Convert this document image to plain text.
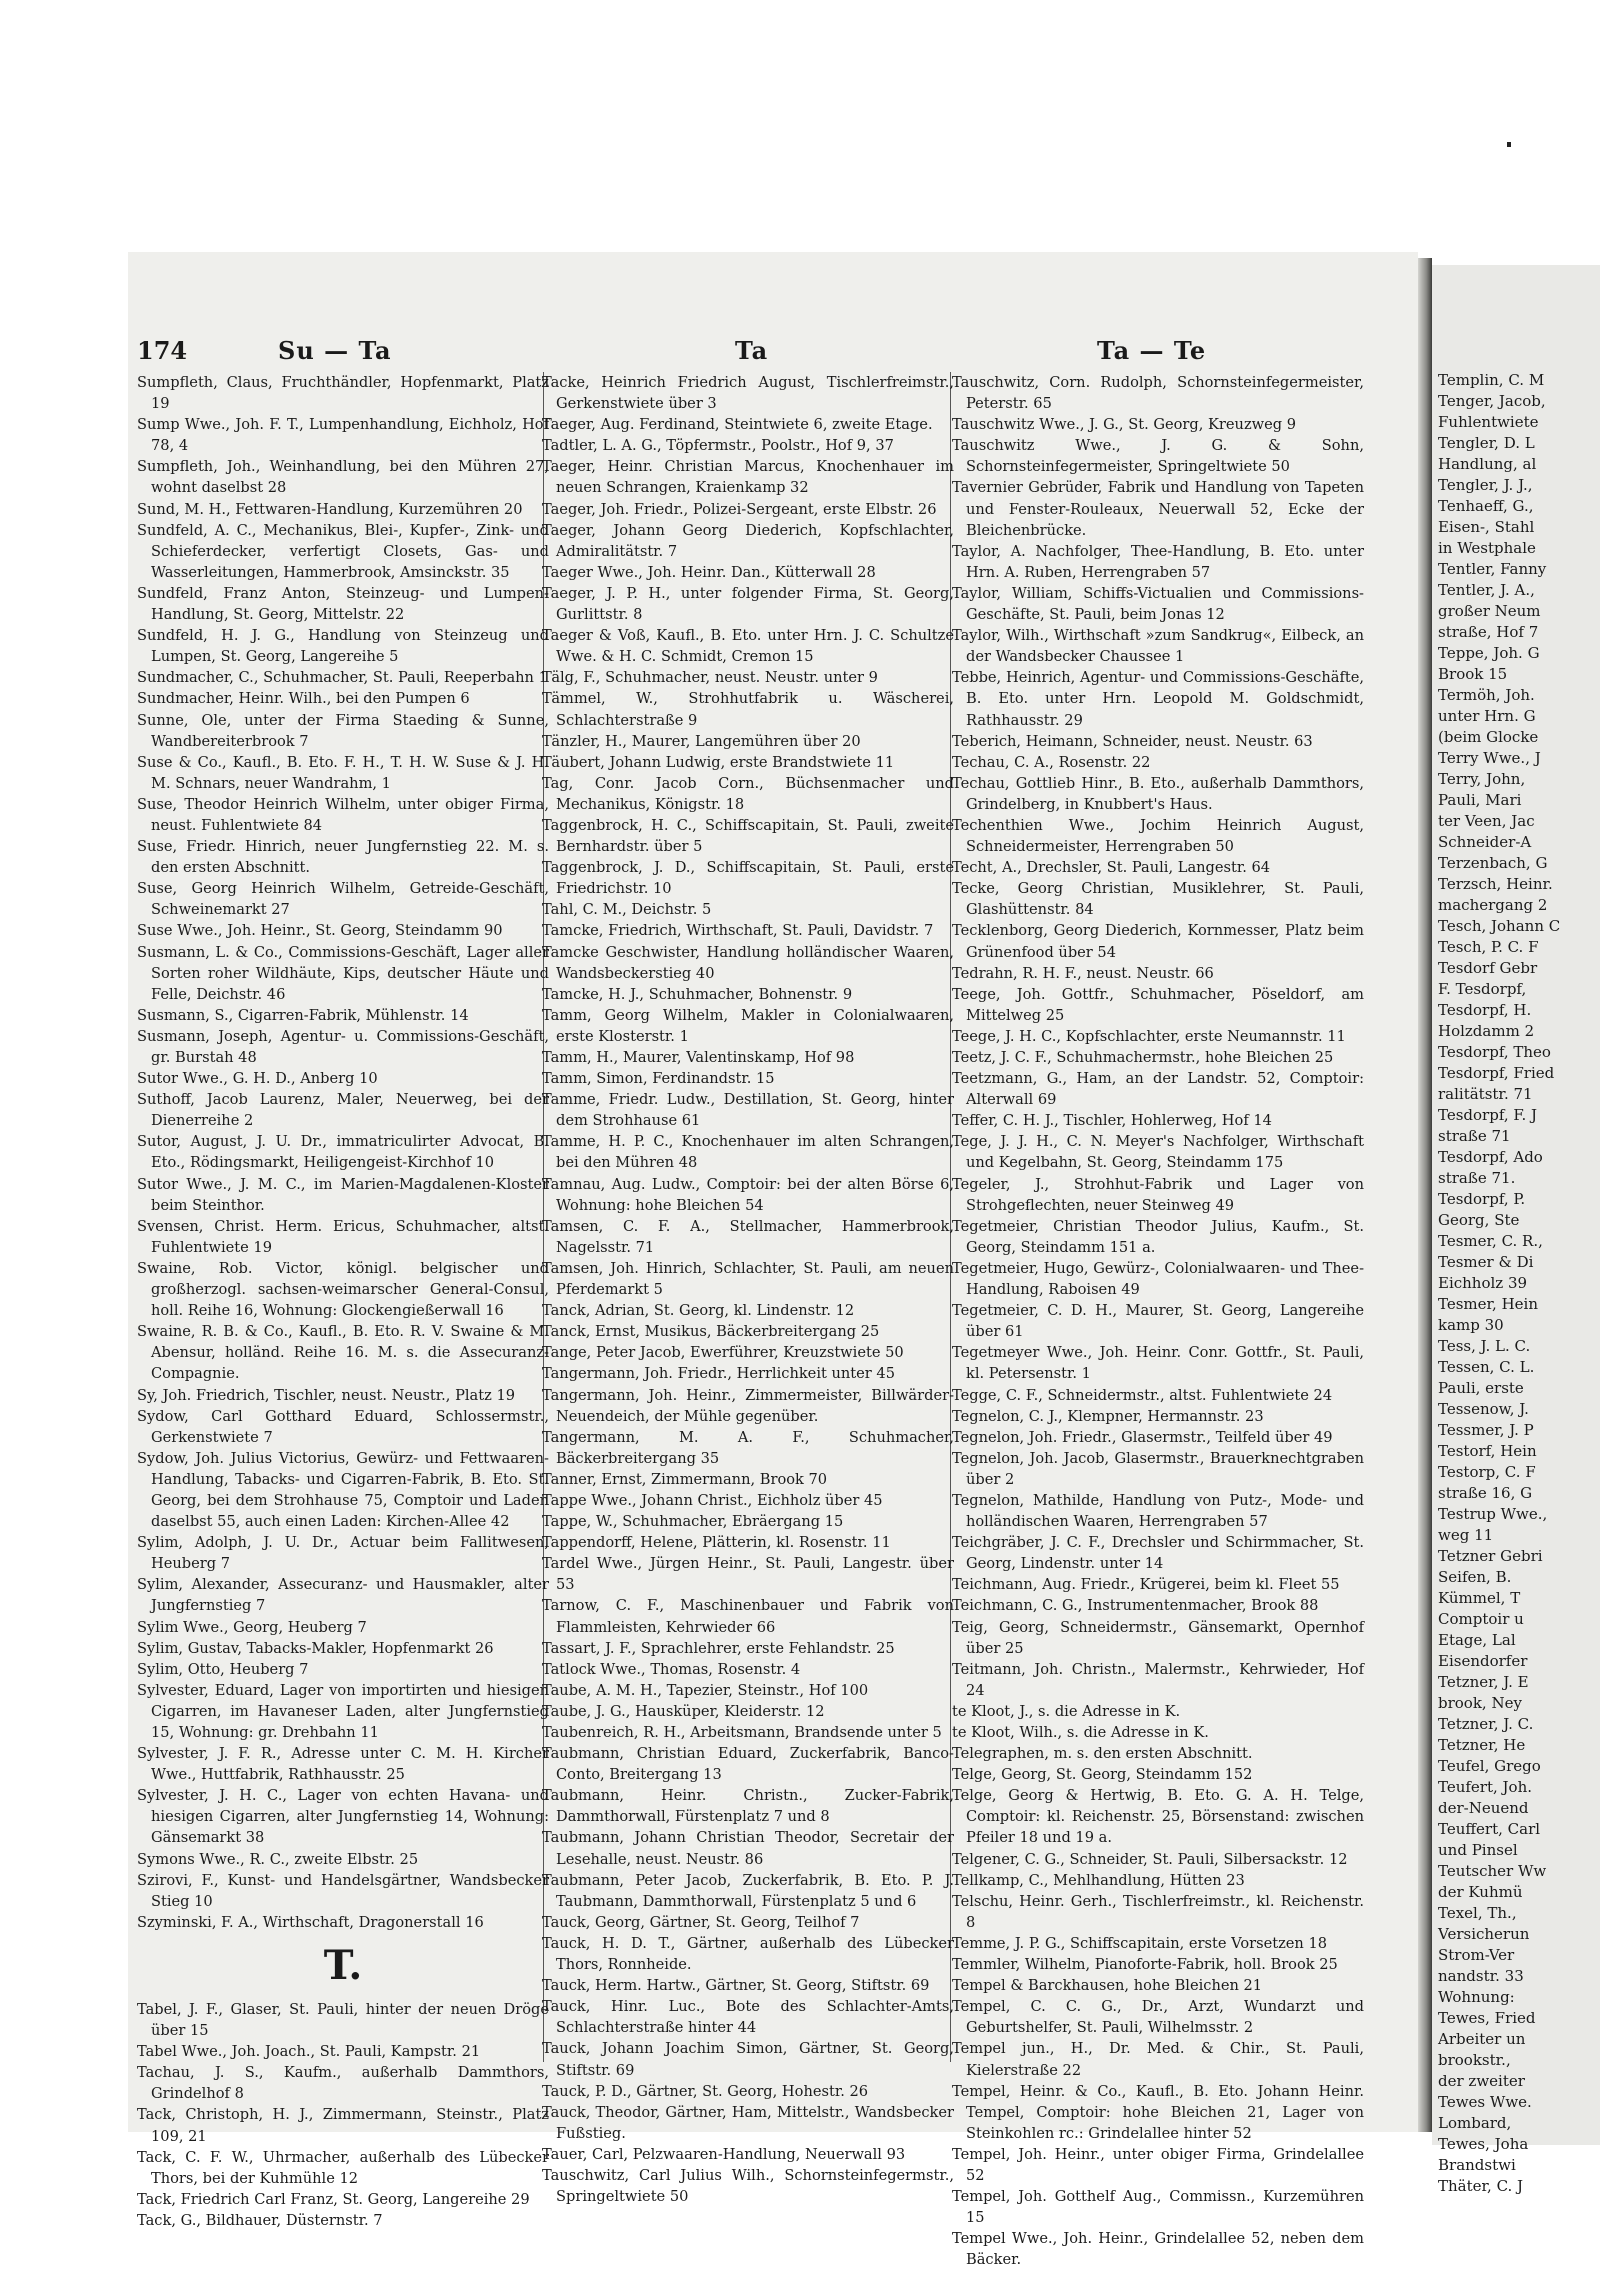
Templin, C. M
Tenger, Jacob,
Fuhlentwiete
Tengler, D. L
Handlung, al
Tengler, J. J.,
Tenhaeff, G.,
Eisen-, Stahl
in Westphale
Tentler, Fanny
Tentler, J. A.,
großer Neum
straße, Hof 7
Teppe, Joh. G
Brook 15
Termöh, Joh.
unter Hrn. G
(beim Glocke
Terry Wwe., J
Terry, John,
Pauli, Mari
ter Veen, Jac
Schneider-A
Terzenbach, G
Terzsch, Heinr.
machergang 2
Tesch, Johann C
Tesch, P. C. F
Tesdorf Gebr
F. Tesdorpf,
Tesdorpf, H.
Holzdamm 2
Tesdorpf, Theo
Tesdorpf, Fried
ralitätstr. 71
Tesdorpf, F. J
straße 71
Tesdorpf, Ado
straße 71.
Tesdorpf, P.
Georg, Ste
Tesmer, C. R.,
Tesmer & Di
Eichholz 39
Tesmer, Hein
kamp 30
Tess, J. L. C.
Tessen, C. L.
Pauli, erste
Tessenow, J.
Tessmer, J. P
Testorf, Hein
Testorp, C. F
straße 16, G
Testrup Wwe.,
weg 11
Tetzner Gebri
Seifen, B.
Kümmel, T
Comptoir u
Etage, Lal
Eisendorfer
Tetzner, J. E
brook, Ney
Tetzner, J. C.
Tetzner, He
Teufel, Grego
Teufert, Joh.
der-Neuend
Teuffert, Carl
und Pinsel
Teutscher Ww
der Kuhmü
Texel, Th.,
Versicherun
Strom-Ver
nandstr. 33
Wohnung:
Tewes, Fried
Arbeiter un
brookstr.,
der zweiter
Tewes Wwe.
Lombard,
Tewes, Joha
Brandstwi
Thäter, C. J
174	Su — Ta	Ta	Ta — Te
Sumpfleth, Claus, Fruchthändler, Hopfenmarkt, Platz 19
Sump Wwe., Joh. F. T., Lumpenhandlung, Eichholz, Hof 78, 4
Sumpfleth, Joh., Weinhandlung, bei den Mühren 27, wohnt daselbst 28
Sund, M. H., Fettwaren-Handlung, Kurzemühren 20
Sundfeld, A. C., Mechanikus, Blei-, Kupfer-, Zink- und Schieferdecker, verfertigt Closets, Gas- und Wasserleitungen, Hammerbrook, Amsinckstr. 35
Sundfeld, Franz Anton, Steinzeug- und Lumpen-Handlung, St. Georg, Mittelstr. 22
Sundfeld, H. J. G., Handlung von Steinzeug und Lumpen, St. Georg, Langereihe 5
Sundmacher, C., Schuhmacher, St. Pauli, Reeperbahn 1
Sundmacher, Heinr. Wilh., bei den Pumpen 6
Sunne, Ole, unter der Firma Staeding & Sunne, Wandbereiterbrook 7
Suse & Co., Kaufl., B. Eto. F. H., T. H. W. Suse & J. H. M. Schnars, neuer Wandrahm, 1
Suse, Theodor Heinrich Wilhelm, unter obiger Firma, neust. Fuhlentwiete 84
Suse, Friedr. Hinrich, neuer Jungfernstieg 22. M. s. den ersten Abschnitt.
Suse, Georg Heinrich Wilhelm, Getreide-Geschäft, Schweinemarkt 27
Suse Wwe., Joh. Heinr., St. Georg, Steindamm 90
Susmann, L. & Co., Commissions-Geschäft, Lager aller Sorten roher Wildhäute, Kips, deutscher Häute und Felle, Deichstr. 46
Susmann, S., Cigarren-Fabrik, Mühlenstr. 14
Susmann, Joseph, Agentur- u. Commissions-Geschäft, gr. Burstah 48
Sutor Wwe., G. H. D., Anberg 10
Suthoff, Jacob Laurenz, Maler, Neuerweg, bei der Dienerreihe 2
Sutor, August, J. U. Dr., immatriculirter Advocat, B. Eto., Rödingsmarkt, Heiligengeist-Kirchhof 10
Sutor Wwe., J. M. C., im Marien-Magdalenen-Kloster beim Steinthor.
Svensen, Christ. Herm. Ericus, Schuhmacher, altst. Fuhlentwiete 19
Swaine, Rob. Victor, königl. belgischer und großherzogl. sachsen-weimarscher General-Consul, holl. Reihe 16, Wohnung: Glockengießerwall 16
Swaine, R. B. & Co., Kaufl., B. Eto. R. V. Swaine & M. Abensur, holländ. Reihe 16. M. s. die Assecuranz-Compagnie.
Sy, Joh. Friedrich, Tischler, neust. Neustr., Platz 19
Sydow, Carl Gotthard Eduard, Schlossermstr., Gerkenstwiete 7
Sydow, Joh. Julius Victorius, Gewürz- und Fettwaaren-Handlung, Tabacks- und Cigarren-Fabrik, B. Eto. St. Georg, bei dem Strohhause 75, Comptoir und Laden daselbst 55, auch einen Laden: Kirchen-Allee 42
Sylim, Adolph, J. U. Dr., Actuar beim Fallitwesen, Heuberg 7
Sylim, Alexander, Assecuranz- und Hausmakler, alter Jungfernstieg 7
Sylim Wwe., Georg, Heuberg 7
Sylim, Gustav, Tabacks-Makler, Hopfenmarkt 26
Sylim, Otto, Heuberg 7
Sylvester, Eduard, Lager von importirten und hiesigen Cigarren, im Havaneser Laden, alter Jungfernstieg 15, Wohnung: gr. Drehbahn 11
Sylvester, J. F. R., Adresse unter C. M. H. Kircher Wwe., Huttfabrik, Rathhausstr. 25
Sylvester, J. H. C., Lager von echten Havana- und hiesigen Cigarren, alter Jungfernstieg 14, Wohnung: Gänsemarkt 38
Symons Wwe., R. C., zweite Elbstr. 25
Szirovi, F., Kunst- und Handelsgärtner, Wandsbecker Stieg 10
Szyminski, F. A., Wirthschaft, Dragonerstall 16
T.
Tabel, J. F., Glaser, St. Pauli, hinter der neuen Dröge über 15
Tabel Wwe., Joh. Joach., St. Pauli, Kampstr. 21
Tachau, J. S., Kaufm., außerhalb Dammthors, Grindelhof 8
Tack, Christoph, H. J., Zimmermann, Steinstr., Platz 109, 21
Tack, C. F. W., Uhrmacher, außerhalb des Lübecker Thors, bei der Kuhmühle 12
Tack, Friedrich Carl Franz, St. Georg, Langereihe 29
Tack, G., Bildhauer, Düsternstr. 7
Tacke, Heinrich Friedrich August, Tischlerfreimstr., Gerkenstwiete über 3
Taeger, Aug. Ferdinand, Steintwiete 6, zweite Etage.
Tadtler, L. A. G., Töpfermstr., Poolstr., Hof 9, 37
Taeger, Heinr. Christian Marcus, Knochenhauer im neuen Schrangen, Kraienkamp 32
Taeger, Joh. Friedr., Polizei-Sergeant, erste Elbstr. 26
Taeger, Johann Georg Diederich, Kopfschlachter, Admiralitätstr. 7
Taeger Wwe., Joh. Heinr. Dan., Kütterwall 28
Taeger, J. P. H., unter folgender Firma, St. Georg, Gurlittstr. 8
Taeger & Voß, Kaufl., B. Eto. unter Hrn. J. C. Schultze Wwe. & H. C. Schmidt, Cremon 15
Tälg, F., Schuhmacher, neust. Neustr. unter 9
Tämmel, W., Strohhutfabrik u. Wäscherei, Schlachterstraße 9
Tänzler, H., Maurer, Langemühren über 20
Täubert, Johann Ludwig, erste Brandstwiete 11
Tag, Conr. Jacob Corn., Büchsenmacher und Mechanikus, Königstr. 18
Taggenbrock, H. C., Schiffscapitain, St. Pauli, zweite Bernhardstr. über 5
Taggenbrock, J. D., Schiffscapitain, St. Pauli, erste Friedrichstr. 10
Tahl, C. M., Deichstr. 5
Tamcke, Friedrich, Wirthschaft, St. Pauli, Davidstr. 7
Tamcke Geschwister, Handlung holländischer Waaren, Wandsbeckerstieg 40
Tamcke, H. J., Schuhmacher, Bohnenstr. 9
Tamm, Georg Wilhelm, Makler in Colonialwaaren, erste Klosterstr. 1
Tamm, H., Maurer, Valentinskamp, Hof 98
Tamm, Simon, Ferdinandstr. 15
Tamme, Friedr. Ludw., Destillation, St. Georg, hinter dem Strohhause 61
Tamme, H. P. C., Knochenhauer im alten Schrangen, bei den Mühren 48
Tamnau, Aug. Ludw., Comptoir: bei der alten Börse 6, Wohnung: hohe Bleichen 54
Tamsen, C. F. A., Stellmacher, Hammerbrook, Nagelsstr. 71
Tamsen, Joh. Hinrich, Schlachter, St. Pauli, am neuen Pferdemarkt 5
Tanck, Adrian, St. Georg, kl. Lindenstr. 12
Tanck, Ernst, Musikus, Bäckerbreitergang 25
Tange, Peter Jacob, Ewerführer, Kreuzstwiete 50
Tangermann, Joh. Friedr., Herrlichkeit unter 45
Tangermann, Joh. Heinr., Zimmermeister, Billwärder-Neuendeich, der Mühle gegenüber.
Tangermann, M. A. F., Schuhmacher, Bäckerbreitergang 35
Tanner, Ernst, Zimmermann, Brook 70
Tappe Wwe., Johann Christ., Eichholz über 45
Tappe, W., Schuhmacher, Ebräergang 15
Tappendorff, Helene, Plätterin, kl. Rosenstr. 11
Tardel Wwe., Jürgen Heinr., St. Pauli, Langestr. über 53
Tarnow, C. F., Maschinenbauer und Fabrik von Flammleisten, Kehrwieder 66
Tassart, J. F., Sprachlehrer, erste Fehlandstr. 25
Tatlock Wwe., Thomas, Rosenstr. 4
Taube, A. M. H., Tapezier, Steinstr., Hof 100
Taube, J. G., Hausküper, Kleiderstr. 12
Taubenreich, R. H., Arbeitsmann, Brandsende unter 5
Taubmann, Christian Eduard, Zuckerfabrik, Banco-Conto, Breitergang 13
Taubmann, Heinr. Christn., Zucker-Fabrik, Dammthorwall, Fürstenplatz 7 und 8
Taubmann, Johann Christian Theodor, Secretair der Lesehalle, neust. Neustr. 86
Taubmann, Peter Jacob, Zuckerfabrik, B. Eto. P. J. Taubmann, Dammthorwall, Fürstenplatz 5 und 6
Tauck, Georg, Gärtner, St. Georg, Teilhof 7
Tauck, H. D. T., Gärtner, außerhalb des Lübecker Thors, Ronnheide.
Tauck, Herm. Hartw., Gärtner, St. Georg, Stiftstr. 69
Tauck, Hinr. Luc., Bote des Schlachter-Amts, Schlachterstraße hinter 44
Tauck, Johann Joachim Simon, Gärtner, St. Georg, Stiftstr. 69
Tauck, P. D., Gärtner, St. Georg, Hohestr. 26
Tauck, Theodor, Gärtner, Ham, Mittelstr., Wandsbecker Fußstieg.
Tauer, Carl, Pelzwaaren-Handlung, Neuerwall 93
Tauschwitz, Carl Julius Wilh., Schornsteinfegermstr., Springeltwiete 50
Tauschwitz, Corn. Rudolph, Schornsteinfegermeister, Peterstr. 65
Tauschwitz Wwe., J. G., St. Georg, Kreuzweg 9
Tauschwitz Wwe., J. G. & Sohn, Schornsteinfegermeister, Springeltwiete 50
Tavernier Gebrüder, Fabrik und Handlung von Tapeten und Fenster-Rouleaux, Neuerwall 52, Ecke der Bleichenbrücke.
Taylor, A. Nachfolger, Thee-Handlung, B. Eto. unter Hrn. A. Ruben, Herrengraben 57
Taylor, William, Schiffs-Victualien und Commissions-Geschäfte, St. Pauli, beim Jonas 12
Taylor, Wilh., Wirthschaft »zum Sandkrug«, Eilbeck, an der Wandsbecker Chaussee 1
Tebbe, Heinrich, Agentur- und Commissions-Geschäfte, B. Eto. unter Hrn. Leopold M. Goldschmidt, Rathhausstr. 29
Teberich, Heimann, Schneider, neust. Neustr. 63
Techau, C. A., Rosenstr. 22
Techau, Gottlieb Hinr., B. Eto., außerhalb Dammthors, Grindelberg, in Knubbert's Haus.
Techenthien Wwe., Jochim Heinrich August, Schneidermeister, Herrengraben 50
Techt, A., Drechsler, St. Pauli, Langestr. 64
Tecke, Georg Christian, Musiklehrer, St. Pauli, Glashüttenstr. 84
Tecklenborg, Georg Diederich, Kornmesser, Platz beim Grünenfood über 54
Tedrahn, R. H. F., neust. Neustr. 66
Teege, Joh. Gottfr., Schuhmacher, Pöseldorf, am Mittelweg 25
Teege, J. H. C., Kopfschlachter, erste Neumannstr. 11
Teetz, J. C. F., Schuhmachermstr., hohe Bleichen 25
Teetzmann, G., Ham, an der Landstr. 52, Comptoir: Alterwall 69
Teffer, C. H. J., Tischler, Hohlerweg, Hof 14
Tege, J. J. H., C. N. Meyer's Nachfolger, Wirthschaft und Kegelbahn, St. Georg, Steindamm 175
Tegeler, J., Strohhut-Fabrik und Lager von Strohgeflechten, neuer Steinweg 49
Tegetmeier, Christian Theodor Julius, Kaufm., St. Georg, Steindamm 151 a.
Tegetmeier, Hugo, Gewürz-, Colonialwaaren- und Thee-Handlung, Raboisen 49
Tegetmeier, C. D. H., Maurer, St. Georg, Langereihe über 61
Tegetmeyer Wwe., Joh. Heinr. Conr. Gottfr., St. Pauli, kl. Petersenstr. 1
Tegge, C. F., Schneidermstr., altst. Fuhlentwiete 24
Tegnelon, C. J., Klempner, Hermannstr. 23
Tegnelon, Joh. Friedr., Glasermstr., Teilfeld über 49
Tegnelon, Joh. Jacob, Glasermstr., Brauerknechtgraben über 2
Tegnelon, Mathilde, Handlung von Putz-, Mode- und holländischen Waaren, Herrengraben 57
Teichgräber, J. C. F., Drechsler und Schirmmacher, St. Georg, Lindenstr. unter 14
Teichmann, Aug. Friedr., Krügerei, beim kl. Fleet 55
Teichmann, C. G., Instrumentenmacher, Brook 88
Teig, Georg, Schneidermstr., Gänsemarkt, Opernhof über 25
Teitmann, Joh. Christn., Malermstr., Kehrwieder, Hof 24
te Kloot, J., s. die Adresse in K.
te Kloot, Wilh., s. die Adresse in K.
Telegraphen, m. s. den ersten Abschnitt.
Telge, Georg, St. Georg, Steindamm 152
Telge, Georg & Hertwig, B. Eto. G. A. H. Telge, Comptoir: kl. Reichenstr. 25, Börsenstand: zwischen Pfeiler 18 und 19 a.
Telgener, C. G., Schneider, St. Pauli, Silbersackstr. 12
Tellkamp, C., Mehlhandlung, Hütten 23
Telschu, Heinr. Gerh., Tischlerfreimstr., kl. Reichenstr. 8
Temme, J. P. G., Schiffscapitain, erste Vorsetzen 18
Temmler, Wilhelm, Pianoforte-Fabrik, holl. Brook 25
Tempel & Barckhausen, hohe Bleichen 21
Tempel, C. C. G., Dr., Arzt, Wundarzt und Geburtshelfer, St. Pauli, Wilhelmsstr. 2
Tempel jun., H., Dr. Med. & Chir., St. Pauli, Kielerstraße 22
Tempel, Heinr. & Co., Kaufl., B. Eto. Johann Heinr. Tempel, Comptoir: hohe Bleichen 21, Lager von Steinkohlen rc.: Grindelallee hinter 52
Tempel, Joh. Heinr., unter obiger Firma, Grindelallee 52
Tempel, Joh. Gotthelf Aug., Commissn., Kurzemühren 15
Tempel Wwe., Joh. Heinr., Grindelallee 52, neben dem Bäcker.
